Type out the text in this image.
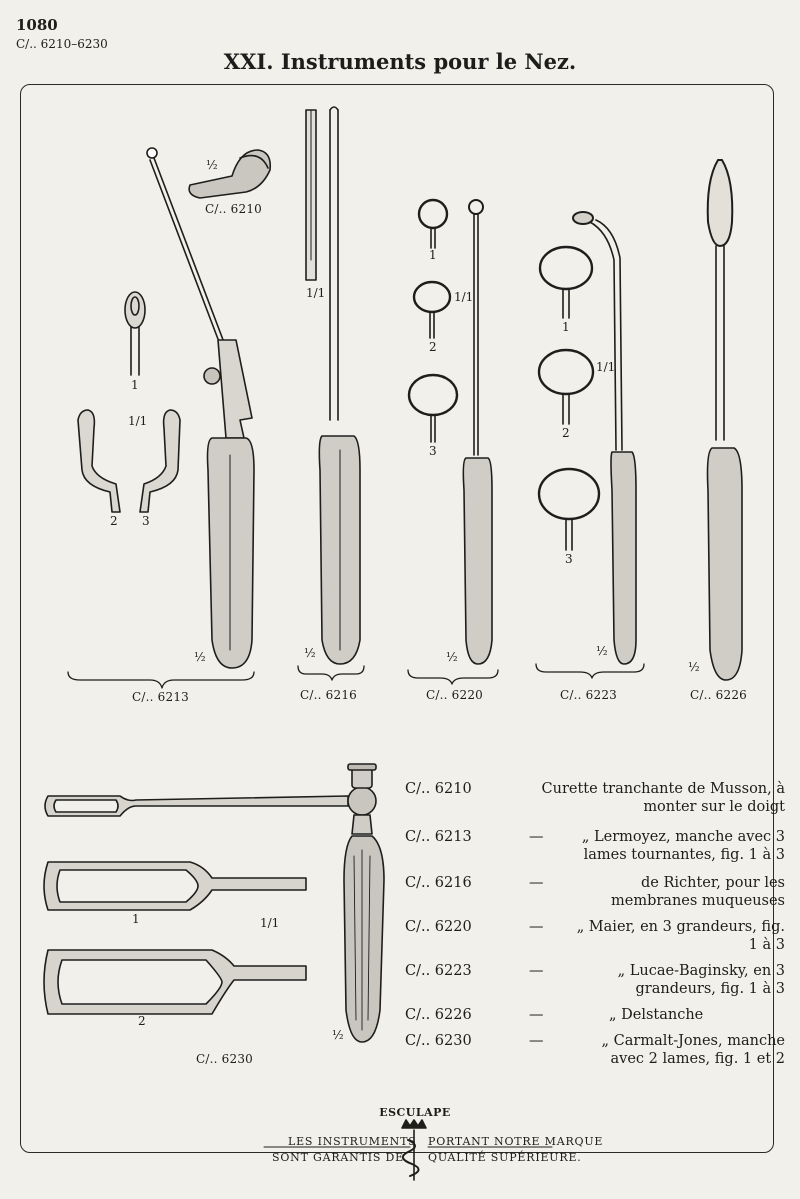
1080
C/.. 6210–6230
XXI. Instruments pour le Nez.
½
C/.. 6210
1
1/1
2 3
½
C/.. 6213
1/1
½
C/.. 6216
1
1/1
2
3
½
C/.. 6220
1
1/1
2
3
½
C/.. 6223
½
C/.. 6226
1	1/1
2
½
C/.. 6230
C/.. 6210	Curette tranchante de Musson, à monter sur le doigt
C/.. 6213	—	„ Lermoyez, manche avec 3 lames tournantes, fig. 1 à 3
C/.. 6216	—	de Richter, pour les membranes muqueuses
C/.. 6220	— „ Maier, en 3 grandeurs, fig. 1 à 3
C/.. 6223	—	„ Lucae-Baginsky, en 3 grandeurs, fig. 1 à 3
C/.. 6226	—	„ Delstanche
C/.. 6230	—	„ Carmalt-Jones, manche avec 2 lames, fig. 1 et 2
ESCULAPE
LES INSTRUMENTS PORTANT NOTRE MARQUE
SONT GARANTIS DE QUALITÉ SUPÉRIEURE.
